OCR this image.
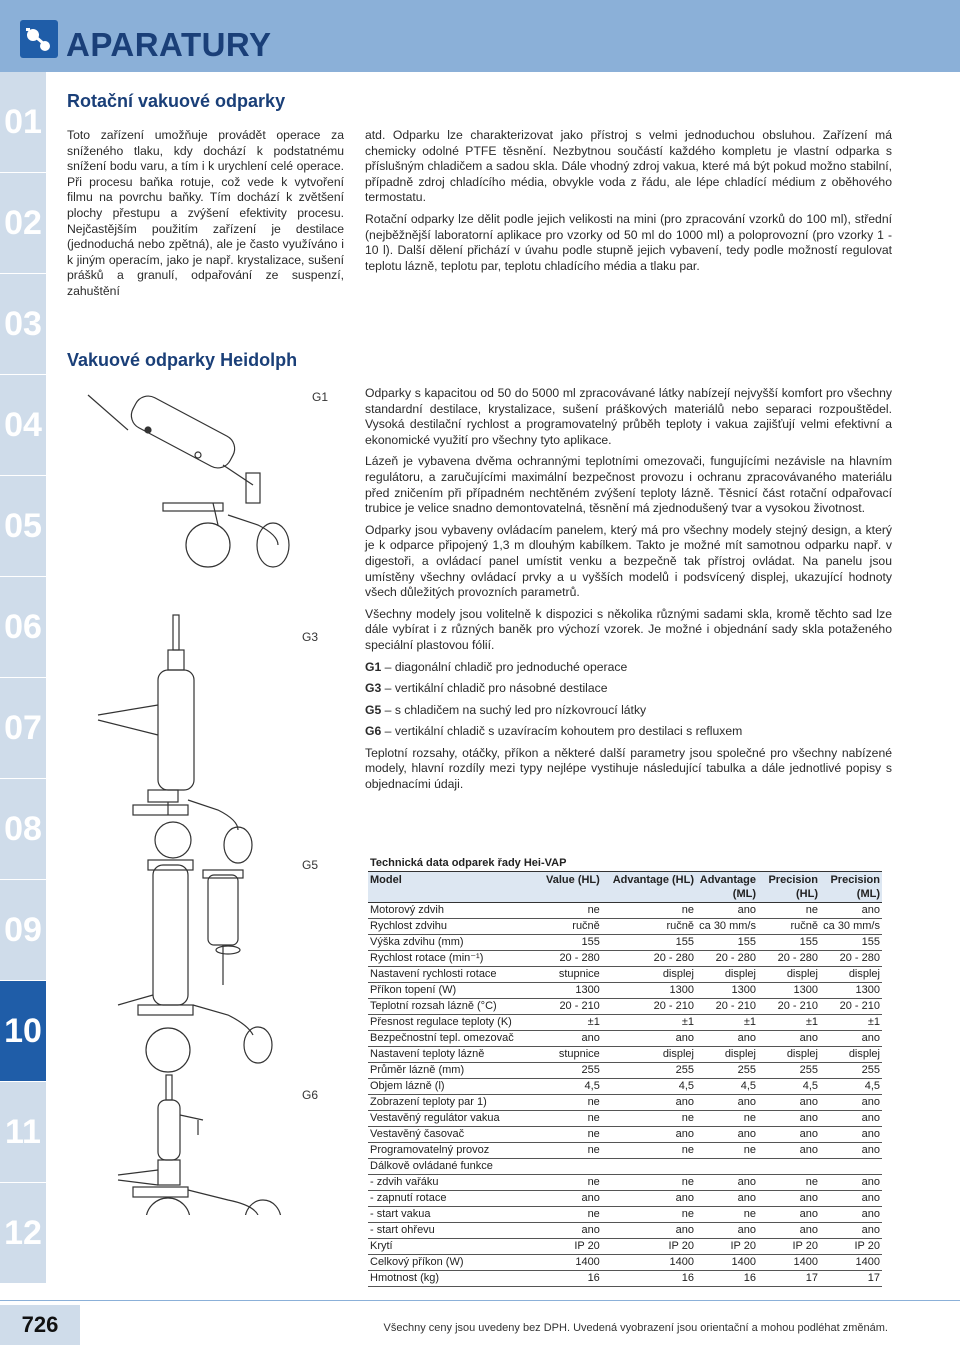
APARATURY
01
02
03
04
05
06
07
08
09
10
11
12
Rotační vakuové odparky

Toto zařízení umožňuje provádět operace za sníženého tlaku, kdy dochází k podstatnému snížení bodu varu, a tím i k urychlení celé operace. Při procesu baňka rotuje, což vede k vytvoření filmu na povrchu baňky. Tím dochází k zvětšení plochy přestupu a zvýšení efektivity procesu. Nejčastějším použitím zařízení je destilace (jednoduchá nebo zpětná), ale je často využíváno i k jiným operacím, jako je např. krystalizace, sušení prášků a granulí, odpařování ze suspenzí, zahuštění

atd. Odparku lze charakterizovat jako přístroj s velmi jednoduchou obsluhou. Zařízení má chemicky odolné PTFE těsnění. Nezbytnou součástí každého kompletu je vlastní odparka s příslušným chladičem a sadou skla. Dále vhodný zdroj vakua, které má být pokud možno stabilní, případně zdroj chladícího média, obvykle voda z řádu, ale lépe chladící médium z oběhového termostatu.

Rotační odparky lze dělit podle jejich velikosti na mini (pro zpracování vzorků do 100 ml), střední (nejběžnější laboratorní aplikace pro vzorky od 50 ml do 1000 ml) a poloprovozní (pro vzorky 1 - 10 l). Další dělení přichází v úvahu podle stupně jejich vybavení, tedy podle možností regulovat teplotu lázně, teplotu par, teplotu chladícího média a tlaku par.

Vakuové odparky Heidolph
G1
G3
G5
G6

Odparky s kapacitou od 50 do 5000 ml zpracovávané látky nabízejí nejvyšší komfort pro všechny standardní destilace, krystalizace, sušení práškových materiálů nebo separaci rozpouštědel. Vysoká destilační rychlost a programovatelný průběh teploty i vakua zajišťují velmi efektivní a ekonomické využití pro všechny tyto aplikace.

Lázeň je vybavena dvěma ochrannými teplotními omezovači, fungujícími nezávisle na hlavním regulátoru, a zaručujícími maximální bezpečnost provozu i ochranu zpracovávaného materiálu před zničením při případném nechtěném zvýšení teploty lázně. Těsnicí část rotační odpařovací trubice je velice snadno demontovatelná, těsnění má zjednodušený tvar a vysokou životnost.

Odparky jsou vybaveny ovládacím panelem, který má pro všechny modely stejný design, a který je k odparce připojený 1,3 m dlouhým kabílkem. Takto je možné mít samotnou odparku např. v digestoři, a ovládací panel umístit venku a bezpečně tak přístroj ovládat. Na panelu jsou umístěny všechny ovládací prvky a u vyšších modelů i podsvícený displej, ukazující hodnoty všech důležitých provozních parametrů.

Všechny modely jsou volitelně k dispozici s několika různými sadami skla, kromě těchto sad lze dále vybírat i z různých baněk pro výchozí vzorek. Je možné i objednání sady skla potaženého speciální plastovou fólií.

G1 – diagonální chladič pro jednoduché operace

G3 – vertikální chladič pro násobné destilace

G5 – s chladičem na suchý led pro nízkovroucí látky

G6 – vertikální chladič s uzavíracím kohoutem pro destilaci s refluxem

Teplotní rozsahy, otáčky, příkon a některé další parametry jsou společné pro všechny nabízené modely, hlavní rozdíly mezi typy nejlépe vystihuje následující tabulka a dále jednotlivé popisy s objednacími údaji.

Technická data odparek řady Hei-VAP					
Model	Value (HL)	Advantage (HL)	Advantage (ML)	Precision (HL)	Precision (ML)
Motorový zdvih	ne	ne	ano	ne	ano
Rychlost zdvihu	ručně	ručně	ca 30 mm/s	ručně	ca 30 mm/s
Výška zdvihu (mm)	155	155	155	155	155
Rychlost rotace (min⁻¹)	20 - 280	20 - 280	20 - 280	20 - 280	20 - 280
Nastavení rychlosti rotace	stupnice	displej	displej	displej	displej
Příkon topení (W)	1300	1300	1300	1300	1300
Teplotní rozsah lázně (°C)	20 - 210	20 - 210	20 - 210	20 - 210	20 - 210
Přesnost regulace teploty (K)	±1	±1	±1	±1	±1
Bezpečnostní tepl. omezovač	ano	ano	ano	ano	ano
Nastavení teploty lázně	stupnice	displej	displej	displej	displej
Průměr lázně (mm)	255	255	255	255	255
Objem lázně (l)	4,5	4,5	4,5	4,5	4,5
Zobrazení teploty par 1)	ne	ano	ano	ano	ano
Vestavěný regulátor vakua	ne	ne	ne	ano	ano
Vestavěný časovač	ne	ano	ano	ano	ano
Programovatelný provoz	ne	ne	ne	ano	ano
Dálkově ovládané funkce					
- zdvih vařáku	ne	ne	ano	ne	ano
- zapnutí rotace	ano	ano	ano	ano	ano
- start vakua	ne	ne	ne	ano	ano
- start ohřevu	ano	ano	ano	ano	ano
Krytí	IP 20	IP 20	IP 20	IP 20	IP 20
Celkový příkon (W)	1400	1400	1400	1400	1400
Hmotnost (kg)	16	16	16	17	17
726	Všechny ceny jsou uvedeny bez DPH. Uvedená vyobrazení jsou orientační a mohou podléhat změnám.
